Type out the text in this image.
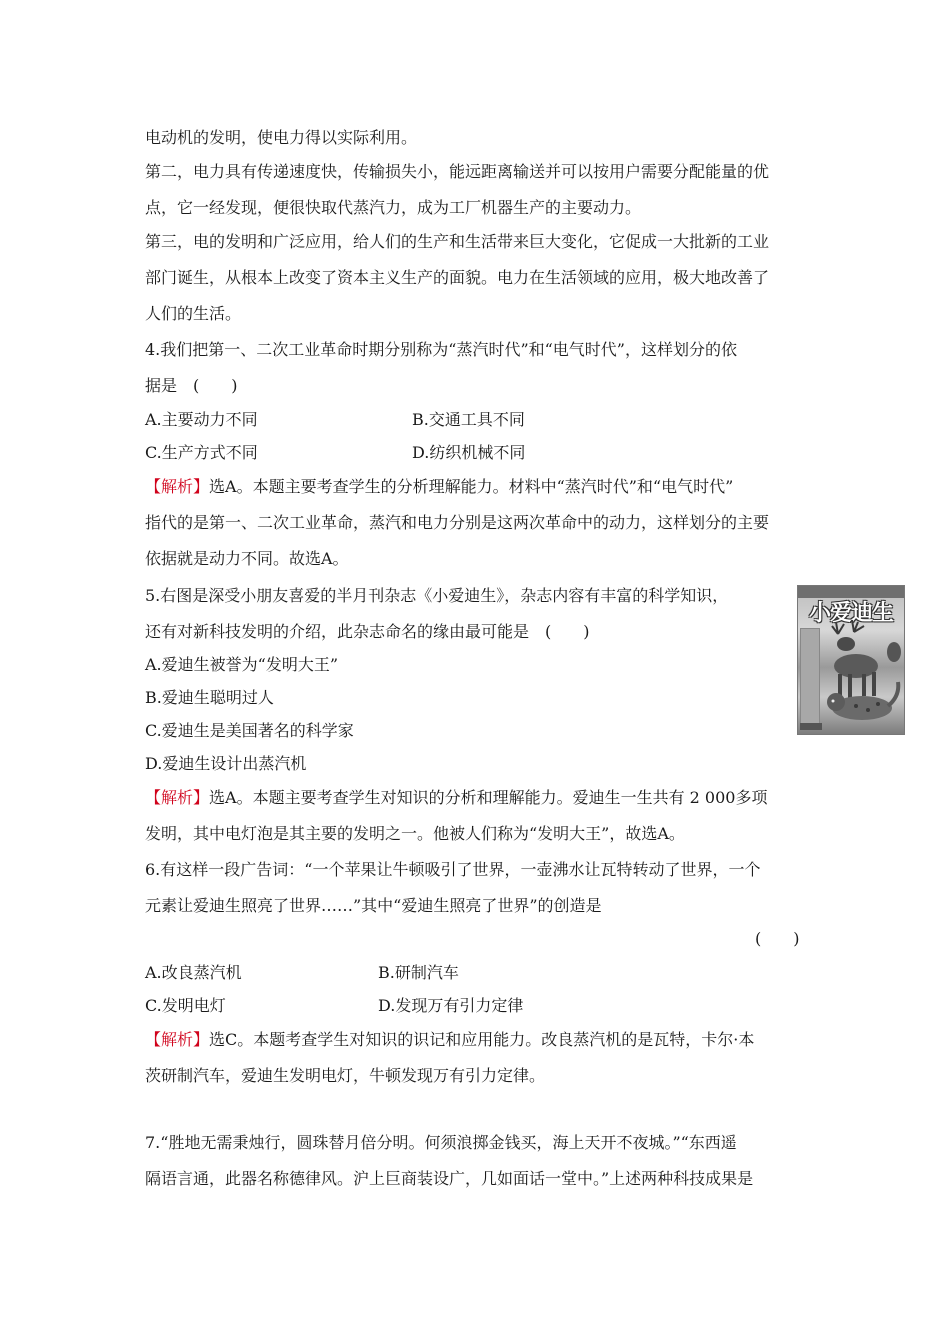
电动机的发明，使电力得以实际利用。
第二，电力具有传递速度快，传输损失小，能远距离输送并可以按用户需要分配能量的优
点，它一经发现，便很快取代蒸汽力，成为工厂机器生产的主要动力。
第三，电的发明和广泛应用，给人们的生产和生活带来巨大变化，它促成一大批新的工业
部门诞生，从根本上改变了资本主义生产的面貌。电力在生活领域的应用，极大地改善了
人们的生活。
4.我们把第一、二次工业革命时期分别称为“蒸汽时代”和“电气时代”，这样划分的依
据是　(　　)
A.主要动力不同	B.交通工具不同
C.生产方式不同	D.纺织机械不同
【解析】选A。本题主要考查学生的分析理解能力。材料中“蒸汽时代”和“电气时代”
指代的是第一、二次工业革命，蒸汽和电力分别是这两次革命中的动力，这样划分的主要
依据就是动力不同。故选A。
5.右图是深受小朋友喜爱的半月刊杂志《小爱迪生》，杂志内容有丰富的科学知识，
还有对新科技发明的介绍，此杂志命名的缘由最可能是　(　　)
A.爱迪生被誉为“发明大王”
B.爱迪生聪明过人
C.爱迪生是美国著名的科学家
D.爱迪生设计出蒸汽机
【解析】选A。本题主要考查学生对知识的分析和理解能力。爱迪生一生共有 2 000多项
发明，其中电灯泡是其主要的发明之一。他被人们称为“发明大王”，故选A。
小爱迪生
6.有这样一段广告词：“一个苹果让牛顿吸引了世界，一壶沸水让瓦特转动了世界，一个
元素让爱迪生照亮了世界……”其中“爱迪生照亮了世界”的创造是
(　　)
A.改良蒸汽机	B.研制汽车
C.发明电灯	D.发现万有引力定律
【解析】选C。本题考查学生对知识的识记和应用能力。改良蒸汽机的是瓦特，卡尔·本
茨研制汽车，爱迪生发明电灯，牛顿发现万有引力定律。
7.“胜地无需秉烛行，圆珠替月倍分明。何须浪掷金钱买，海上天开不夜城。”“东西遥
隔语言通，此器名称德律风。沪上巨商装设广，几如面话一堂中。”上述两种科技成果是
